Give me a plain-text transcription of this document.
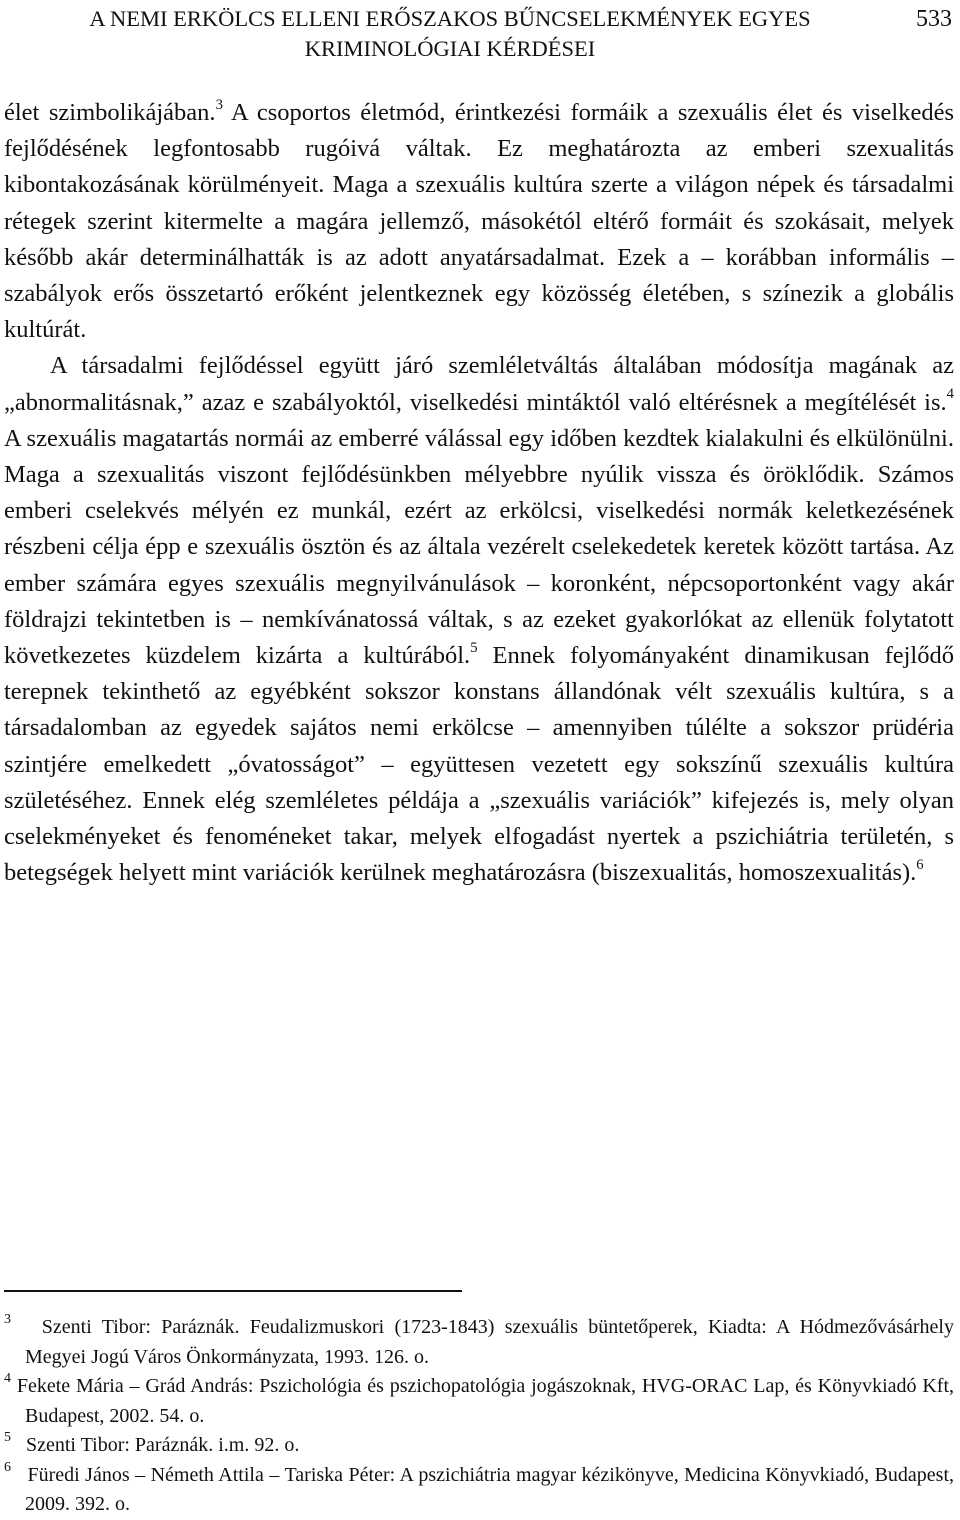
A NEMI ERKÖLCS ELLENI ERŐSZAKOS BŰNCSELEKMÉNYEK EGYES KRIMINOLÓGIAI KÉRDÉSEI
533

élet szimbolikájában.$^3$ A csoportos életmód, érintkezési formáik a szexuális élet és viselkedés fejlődésének legfontosabb rugóivá váltak. Ez meghatározta az emberi szexualitás kibontakozásának körülményeit. Maga a szexuális kultúra szerte a világon népek és társadalmi rétegek szerint kitermelte a magára jellemző, másokétól eltérő formáit és szokásait, melyek később akár determinálhatták is az adott anyatársadalmat. Ezek a – korábban informális – szabályok erős összetartó erőként jelentkeznek egy közösség életében, s színezik a globális kultúrát.

A társadalmi fejlődéssel együtt járó szemléletváltás általában módosítja magának az „abnormalitásnak,” azaz e szabályoktól, viselkedési mintáktól való eltérésnek a megítélését is.$^4$ A szexuális magatartás normái az emberré válással egy időben kezdtek kialakulni és elkülönülni. Maga a szexualitás viszont fejlődésünkben mélyebbre nyúlik vissza és öröklődik. Számos emberi cselekvés mélyén ez munkál, ezért az erkölcsi, viselkedési normák keletkezésének részbeni célja épp e szexuális ösztön és az általa vezérelt cselekedetek keretek között tartása. Az ember számára egyes szexuális megnyilvánulások – koronként, népcsoportonként vagy akár földrajzi tekintetben is – nemkívánatossá váltak, s az ezeket gyakorlókat az ellenük folytatott következetes küzdelem kizárta a kultúrából.$^5$ Ennek folyományaként dinamikusan fejlődő terepnek tekinthető az egyébként sokszor konstans állandónak vélt szexuális kultúra, s a társadalomban az egyedek sajátos nemi erkölcse – amennyiben túlélte a sokszor prüdéria szintjére emelkedett „óvatosságot” – együttesen vezetett egy sokszínű szexuális kultúra születéséhez. Ennek elég szemléletes példája a „szexuális variációk” kifejezés is, mely olyan cselekményeket és fenoméneket takar, melyek elfogadást nyertek a pszichiátria területén, s betegségek helyett mint variációk kerülnek meghatározásra (biszexualitás, homoszexualitás).$^6$

$^3$ Szenti Tibor: Paráznák. Feudalizmuskori (1723-1843) szexuális büntetőperek, Kiadta: A Hódmezővásárhely Megyei Jogú Város Önkormányzata, 1993. 126. o.

$^4$ Fekete Mária – Grád András: Pszichológia és pszichopatológia jogászoknak, HVG-ORAC Lap, és Könyvkiadó Kft, Budapest, 2002. 54. o.

$^5$ Szenti Tibor: Paráznák. i.m. 92. o.

$^6$ Füredi János – Németh Attila – Tariska Péter: A pszichiátria magyar kézikönyve, Medicina Könyvkiadó, Budapest, 2009. 392. o.
